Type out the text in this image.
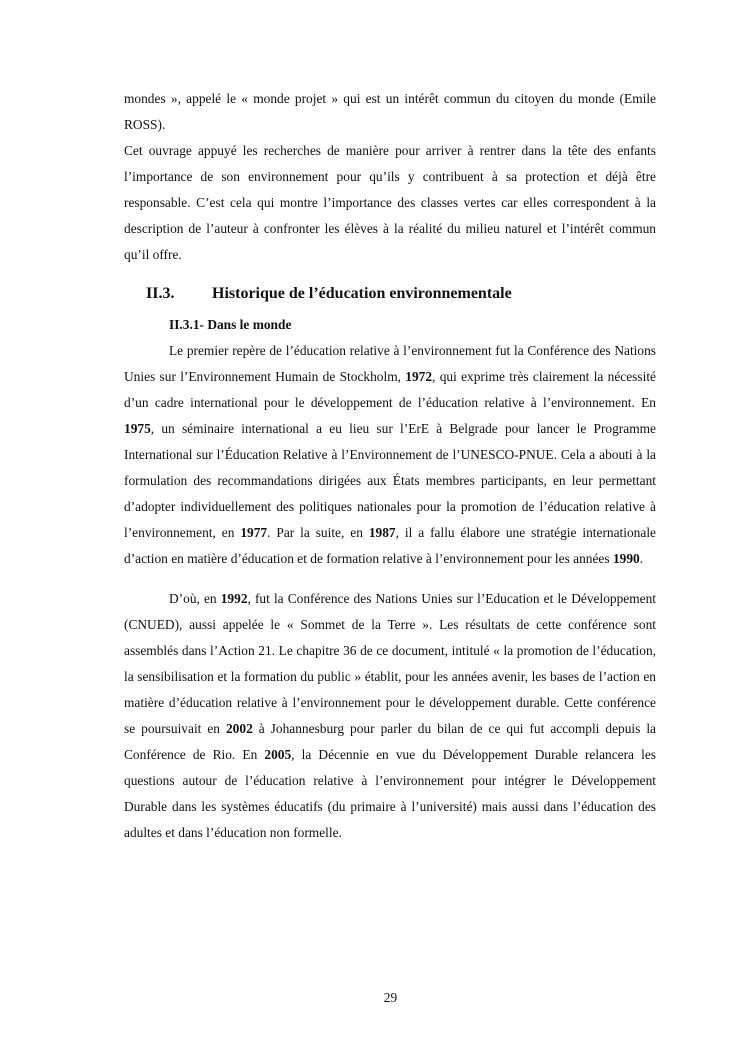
mondes », appelé le « monde projet » qui est un intérêt commun du citoyen du monde (Emile ROSS).

Cet ouvrage appuyé les recherches de manière pour arriver à rentrer dans la tête des enfants l’importance de son environnement pour qu’ils y contribuent à sa protection et déjà être responsable. C’est cela qui montre l’importance des classes vertes car elles correspondent à la description de l’auteur à confronter les élèves à la réalité du milieu naturel et l’intérêt commun qu’il offre.

II.3. Historique de l’éducation environnementale
II.3.1- Dans le monde

Le premier repère de l’éducation relative à l’environnement fut la Conférence des Nations Unies sur l’Environnement Humain de Stockholm, 1972, qui exprime très clairement la nécessité d’un cadre international pour le développement de l’éducation relative à l’environnement. En 1975, un séminaire international a eu lieu sur l’ErE à Belgrade pour lancer le Programme International sur l’Éducation Relative à l’Environnement de l’UNESCO-PNUE. Cela a abouti à la formulation des recommandations dirigées aux États membres participants, en leur permettant d’adopter individuellement des politiques nationales pour la promotion de l’éducation relative à l’environnement, en 1977. Par la suite, en 1987, il a fallu élabore une stratégie internationale d’action en matière d’éducation et de formation relative à l’environnement pour les années 1990.

D’où, en 1992, fut la Conférence des Nations Unies sur l’Education et le Développement (CNUED), aussi appelée le « Sommet de la Terre ». Les résultats de cette conférence sont assemblés dans l’Action 21. Le chapitre 36 de ce document, intitulé « la promotion de l’éducation, la sensibilisation et la formation du public » établit, pour les années avenir, les bases de l’action en matière d’éducation relative à l’environnement pour le développement durable. Cette conférence se poursuivait en 2002 à Johannesburg pour parler du bilan de ce qui fut accompli depuis la Conférence de Rio. En 2005, la Décennie en vue du Développement Durable relancera les questions autour de l’éducation relative à l’environnement pour intégrer le Développement Durable dans les systèmes éducatifs (du primaire à l’université) mais aussi dans l’éducation des adultes et dans l’éducation non formelle.

29
